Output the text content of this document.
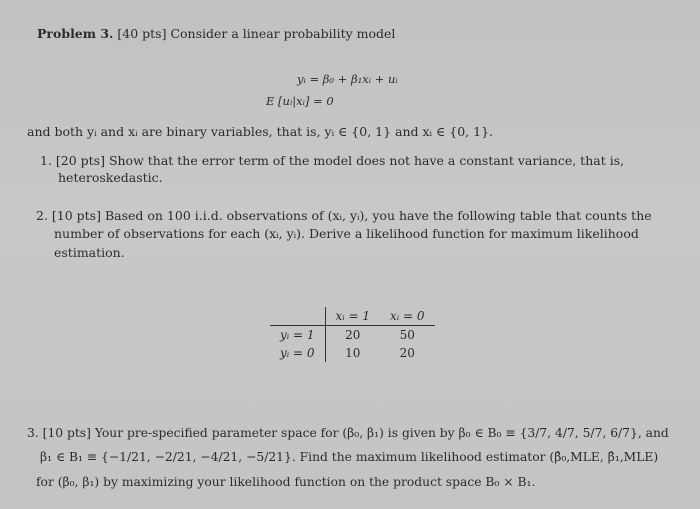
Problem 3. [40 pts] Consider a linear probability model
yᵢ = β₀ + β₁xᵢ + uᵢ
E [uᵢ|xᵢ] = 0
and both yᵢ and xᵢ are binary variables, that is, yᵢ ∈ {0, 1} and xᵢ ∈ {0, 1}.
1. [20 pts] Show that the error term of the model does not have a constant variance, that is,
heteroskedastic.
2. [10 pts] Based on 100 i.i.d. observations of (xᵢ, yᵢ), you have the following table that counts the
number of observations for each (xᵢ, yᵢ). Derive a likelihood function for maximum likelihood
estimation.
	xᵢ = 1	xᵢ = 0
yᵢ = 1	20	50
yᵢ = 0	10	20
3. [10 pts] Your pre-specified parameter space for (β₀, β₁) is given by β₀ ∈ B₀ ≡ {3/7, 4/7, 5/7, 6/7}, and
β₁ ∈ B₁ ≡ {−1/21, −2/21, −4/21, −5/21}. Find the maximum likelihood estimator (β̂₀,MLE, β̂₁,MLE)
for (β₀, β₁) by maximizing your likelihood function on the product space B₀ × B₁.
